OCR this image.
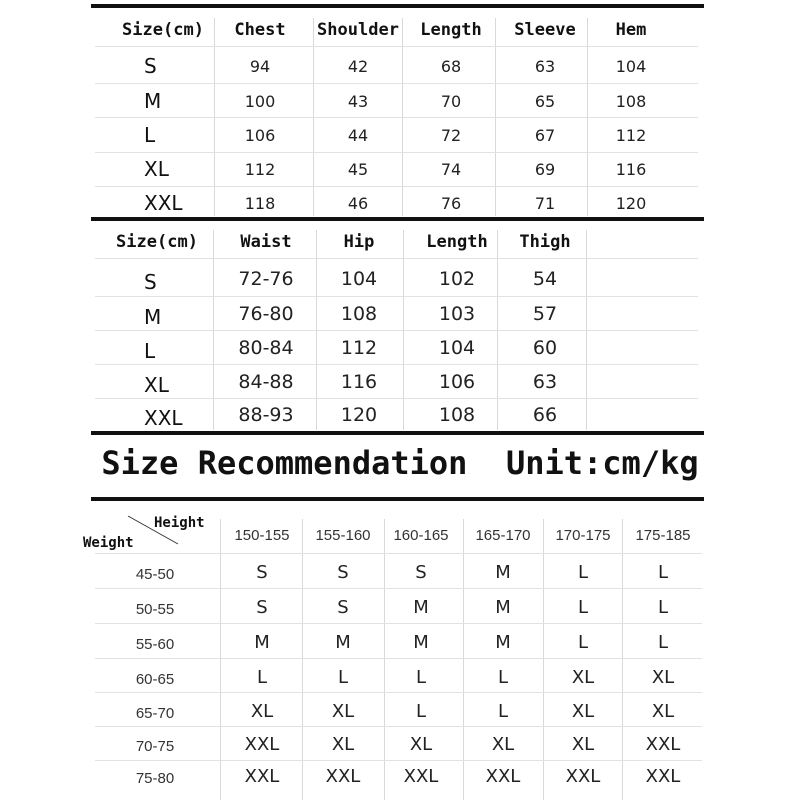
Size Recommendation  Unit:cm/kg
Height
Weight
Size(cm) Chest Shoulder Length Sleeve Hem
S	94	42	68	63	104
M	100	43	70	65	108
L	106	44	72	67	112
XL	112	45	74	69	116
XXL	118	46	76	71	120
Size(cm) Waist	Hip	Length Thigh
S	72-76 104	102	54
M	76-80 108	103	57
L	80-84 112	104	60
XL	84-88 116	106	63
XXL	88-93 120	108	66
150-155 155-160 160-165 165-170 170-175 175-185
45-50	S	S	S	M	L	L
50-55	S	S	M	M	L	L
55-60	M	M	M	M	L	L
60-65	L	L	L	L	XL	XL
65-70	XL	XL	L	L	XL	XL
70-75	XXL	XL	XL	XL	XL	XXL
75-80	XXL	XXL XXL	XXL	XXL	XXL
